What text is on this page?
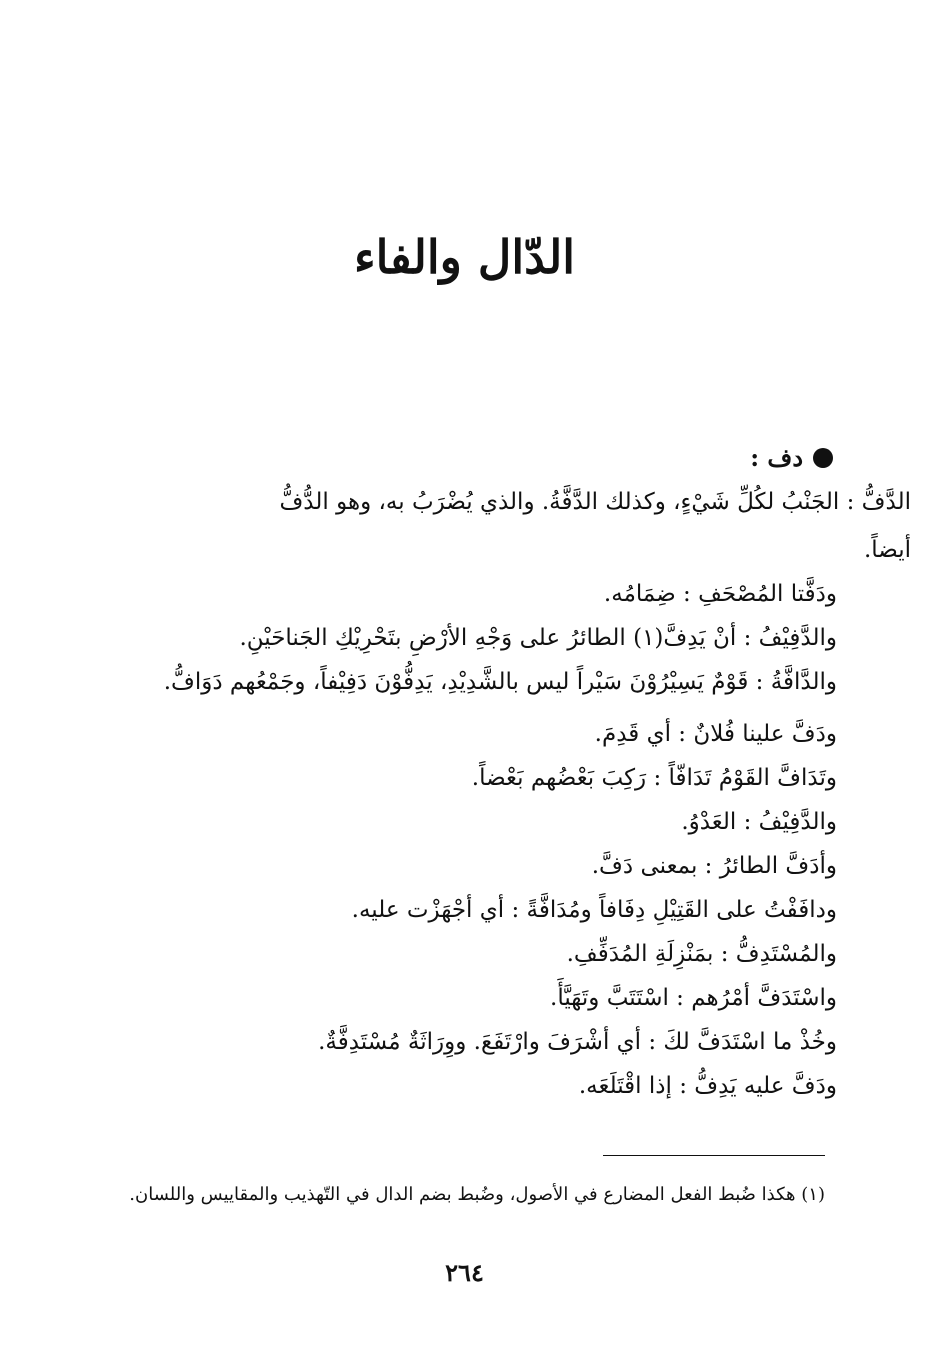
الدّال والفاء
دف :
الدَّفُّ : الجَنْبُ لكُلِّ شَيْءٍ، وكذلك الدَّفَّةُ. والذي يُضْرَبُ به، وهو الدُّفُّ
أيضاً.
ودَفَّتا المُصْحَفِ : ضِمَامُه.
والدَّفِيْفُ : أنْ يَدِفَّ(١) الطائرُ على وَجْهِ الأرْضِ بتَحْرِيْكِ الجَناحَيْنِ.
والدَّافَّةُ : قَوْمٌ يَسِيْرُوْنَ سَيْراً ليس بالشَّدِيْدِ، يَدِفُّوْنَ دَفِيْفاً، وجَمْعُهم دَوَافُّ.
ودَفَّ علينا فُلانٌ : أي قَدِمَ.
وتَدَافَّ القَوْمُ تَدَافّاً : رَكِبَ بَعْضُهم بَعْضاً.
والدَّفِيْفُ : العَدْوُ.
وأدَفَّ الطائرُ : بمعنى دَفَّ.
ودافَفْتُ على القَتِيْلِ دِفَافاً ومُدَافَّةً : أي أجْهَزْت عليه.
والمُسْتَدِفُّ : بمَنْزِلَةِ المُدَفِّفِ.
واسْتَدَفَّ أمْرُهم : اسْتَتَبَّ وتَهَيَّأَ.
وخُذْ ما اسْتَدَفَّ لكَ : أي أشْرَفَ وارْتَفَعَ. ووِرَاثَةٌ مُسْتَدِفَّةٌ.
ودَفَّ عليه يَدِفُّ : إذا اقْتَلَعَه.
(١) هكذا ضُبط الفعل المضارع في الأصول، وضُبط بضم الدال في التّهذيب والمقاييس واللسان.
٢٦٤
